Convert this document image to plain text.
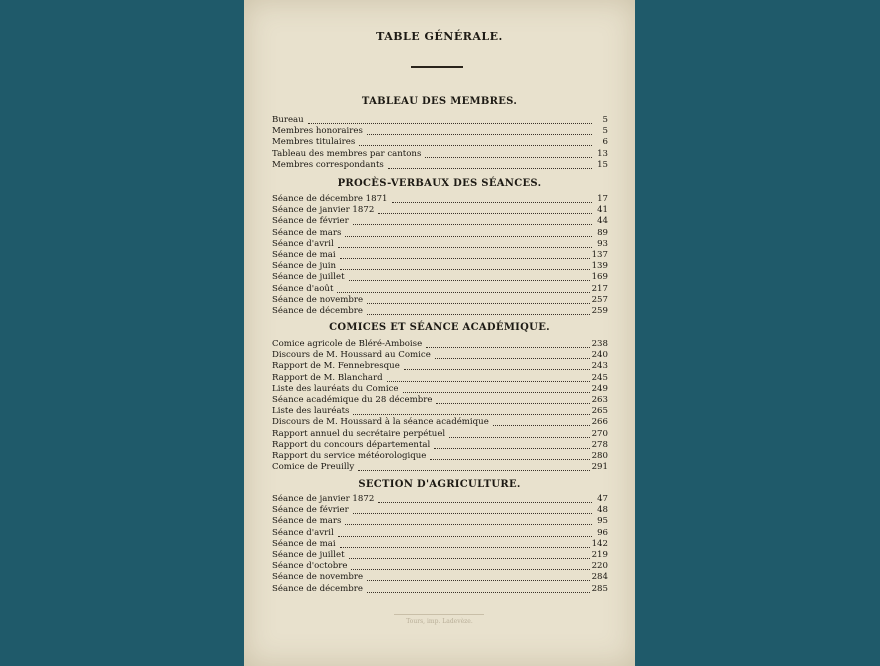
TABLE GÉNÉRALE.
TABLEAU DES MEMBRES.
Bureau	5
Membres honoraires	5
Membres titulaires	6
Tableau des membres par cantons	13
Membres correspondants	15
PROCÈS-VERBAUX DES SÉANCES.
Séance de décembre 1871	17
Séance de janvier 1872	41
Séance de février	44
Séance de mars	89
Séance d'avril	93
Séance de mai	137
Séance de juin	139
Séance de juillet	169
Séance d'août	217
Séance de novembre	257
Séance de décembre	259
COMICES ET SÉANCE ACADÉMIQUE.
Comice agricole de Bléré-Amboise	238
Discours de M. Houssard au Comice	240
Rapport de M. Fennebresque	243
Rapport de M. Blanchard	245
Liste des lauréats du Comice	249
Séance académique du 28 décembre	263
Liste des lauréats	265
Discours de M. Houssard à la séance académique	266
Rapport annuel du secrétaire perpétuel	270
Rapport du concours départemental	278
Rapport du service météorologique	280
Comice de Preuilly	291
SECTION D'AGRICULTURE.
Séance de janvier 1872	47
Séance de février	48
Séance de mars	95
Séance d'avril	96
Séance de mai	142
Séance de juillet	219
Séance d'octobre	220
Séance de novembre	284
Séance de décembre	285
Tours, imp. Ladevèze.
